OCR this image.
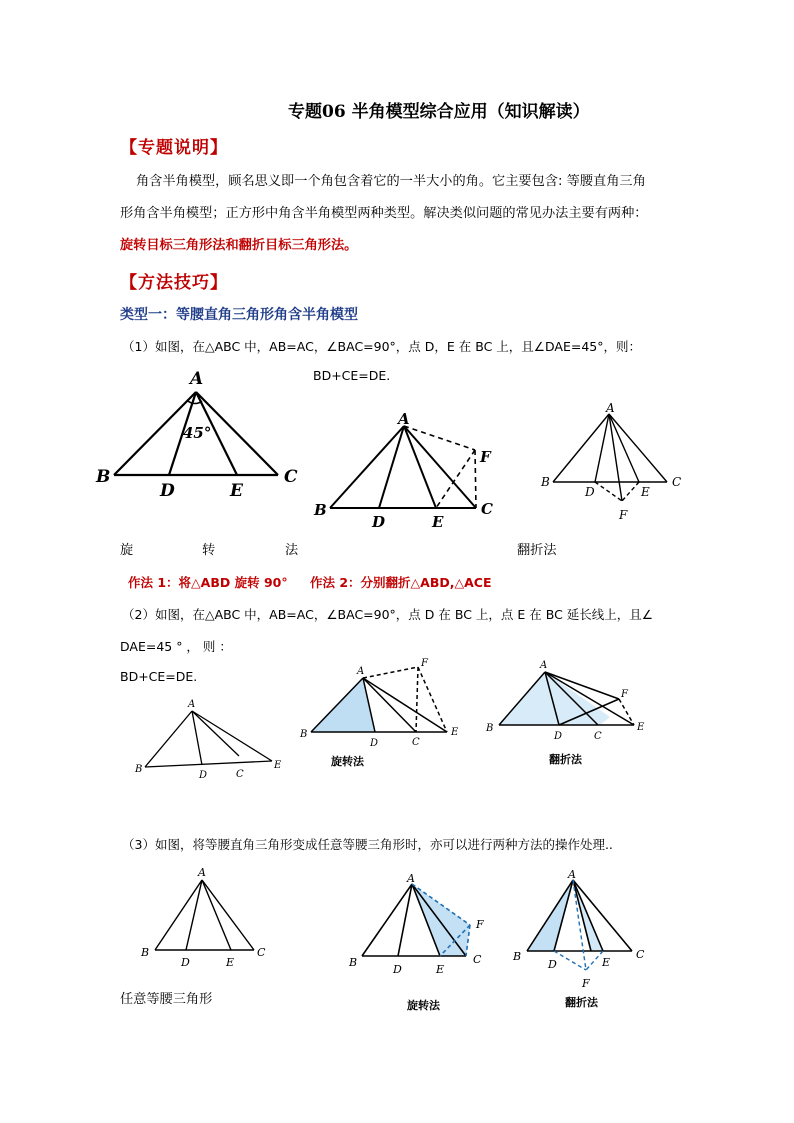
专题06 半角模型综合应用（知识解读）
【专题说明】
角含半角模型，顾名思义即一个角包含着它的一半大小的角。它主要包含: 等腰直角三角
形角含半角模型；正方形中角含半角模型两种类型。解决类似问题的常见办法主要有两种：
旋转目标三角形法和翻折目标三角形法。
【方法技巧】
类型一：等腰直角三角形角含半角模型
（1）如图，在△ABC 中，AB=AC，∠BAC=90°，点 D，E 在 BC 上，且∠DAE=45°，则：
BD+CE=DE.
A
B	C
D	E
45°
A
B	C
D	E
F
A
B	C
D	E
F
旋	转	法	翻折法
作法 1：将△ABD 旋转 90° 作法 2：分别翻折△ABD,△ACE
（2）如图，在△ABC 中，AB=AC，∠BAC=90°，点 D 在 BC 上，点 E 在 BC 延长线上，且∠
DAE=45 ° ， 则 ：
BD+CE=DE.
A
B	C
D
E
A
B
C
D
E
F	A
B
C
D
E
F
旋转法	翻折法
（3）如图，将等腰直角三角形变成任意等腰三角形时，亦可以进行两种方法的操作处理..
A
B	C
D	E
A
B	C
D	E
F
A
B	C
D	E
F
任意等腰三角形	旋转法	翻折法
